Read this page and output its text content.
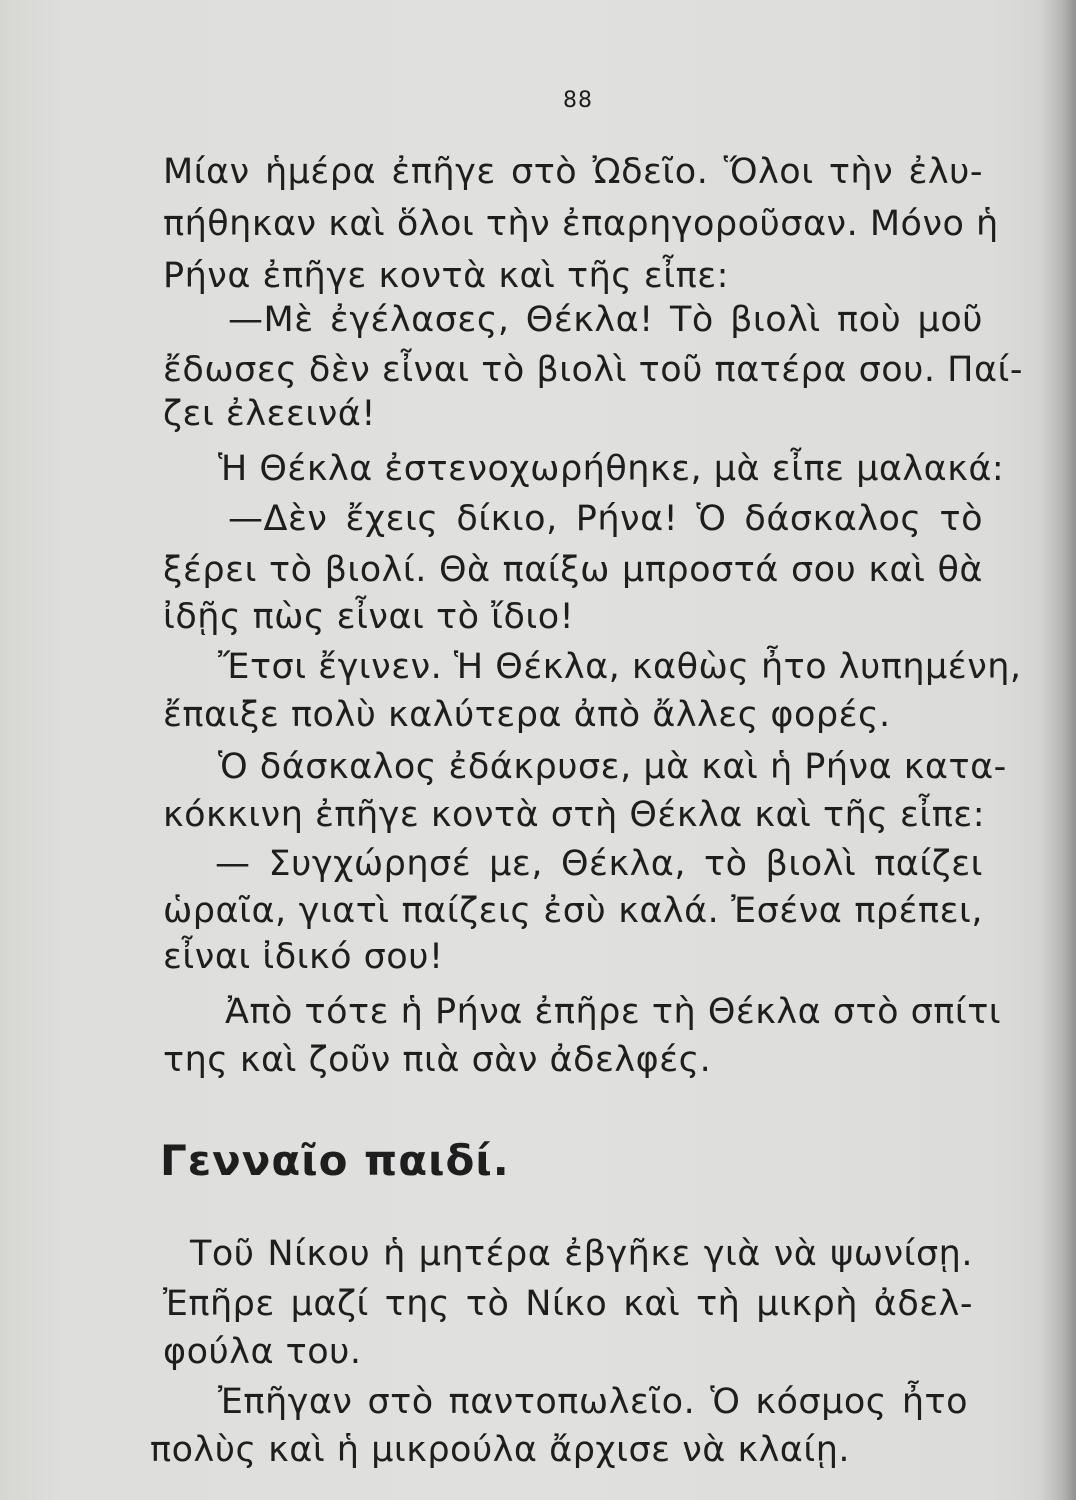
88
Μίαν ἡμέρα ἐπῆγε στὸ Ὠδεῖο. Ὅλοι τὴν ἐλυ-
πήθηκαν καὶ ὅλοι τὴν ἐπαρηγοροῦσαν. Μόνο ἡ
Ρήνα ἐπῆγε κοντὰ καὶ τῆς εἶπε:
—Μὲ ἐγέλασες, Θέκλα! Τὸ βιολὶ ποὺ μοῦ
ἔδωσες δὲν εἶναι τὸ βιολὶ τοῦ πατέρα σου. Παί-
ζει ἐλεεινά!
Ἡ Θέκλα ἐστενοχωρήθηκε, μὰ εἶπε μαλακά:
—Δὲν ἔχεις δίκιο, Ρήνα! Ὁ δάσκαλος τὸ
ξέρει τὸ βιολί. Θὰ παίξω μπροστά σου καὶ θὰ
ἰδῇς πὼς εἶναι τὸ ἴδιο!
Ἔτσι ἔγινεν. Ἡ Θέκλα, καθὼς ἦτο λυπημένη,
ἔπαιξε πολὺ καλύτερα ἀπὸ ἄλλες φορές.
Ὁ δάσκαλος ἐδάκρυσε, μὰ καὶ ἡ Ρήνα κατα-
κόκκινη ἐπῆγε κοντὰ στὴ Θέκλα καὶ τῆς εἶπε:
— Συγχώρησέ με, Θέκλα, τὸ βιολὶ παίζει
ὡραῖα, γιατὶ παίζεις ἐσὺ καλά. Ἐσένα πρέπει,
εἶναι ἰδικό σου!
Ἀπὸ τότε ἡ Ρήνα ἐπῆρε τὴ Θέκλα στὸ σπίτι
της καὶ ζοῦν πιὰ σὰν ἀδελφές.
Γενναῖο παιδί.
Τοῦ Νίκου ἡ μητέρα ἐβγῆκε γιὰ νὰ ψωνίσῃ.
Ἐπῆρε μαζί της τὸ Νίκο καὶ τὴ μικρὴ ἀδελ-
φούλα του.
Ἐπῆγαν στὸ παντοπωλεῖο. Ὁ κόσμος ἦτο
πολὺς καὶ ἡ μικρούλα ἄρχισε νὰ κλαίῃ.
